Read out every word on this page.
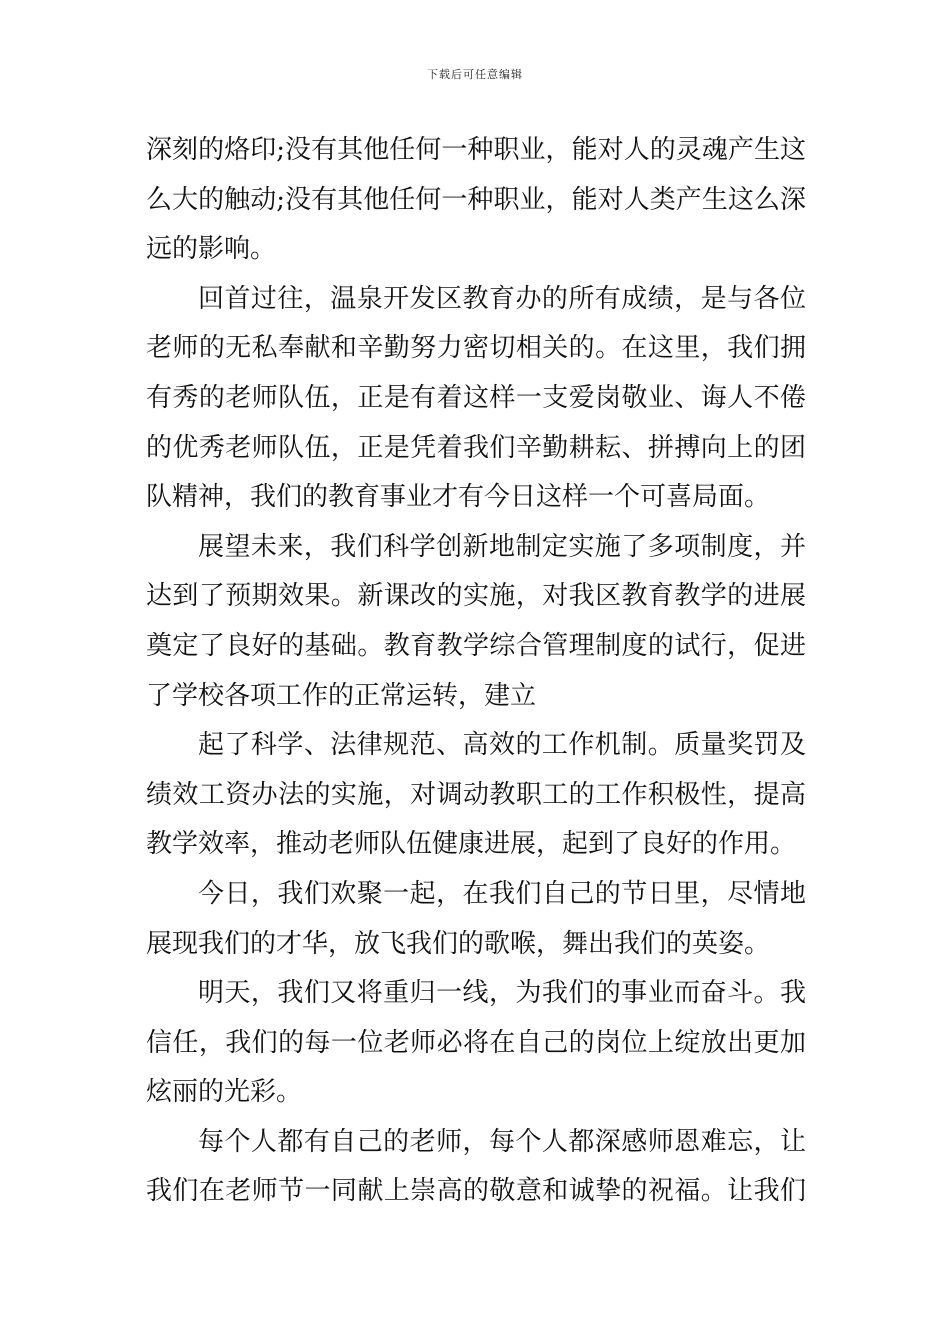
下载后可任意编辑
深刻的烙印;没有其他任何一种职业，能对人的灵魂产生这
么大的触动;没有其他任何一种职业，能对人类产生这么深
远的影响。
回首过往，温泉开发区教育办的所有成绩，是与各位
老师的无私奉献和辛勤努力密切相关的。在这里，我们拥
有秀的老师队伍，正是有着这样一支爱岗敬业、诲人不倦
的优秀老师队伍，正是凭着我们辛勤耕耘、拼搏向上的团
队精神，我们的教育事业才有今日这样一个可喜局面。
展望未来，我们科学创新地制定实施了多项制度，并
达到了预期效果。新课改的实施，对我区教育教学的进展
奠定了良好的基础。教育教学综合管理制度的试行，促进
了学校各项工作的正常运转，建立
起了科学、法律规范、高效的工作机制。质量奖罚及
绩效工资办法的实施，对调动教职工的工作积极性，提高
教学效率，推动老师队伍健康进展，起到了良好的作用。
今日，我们欢聚一起，在我们自己的节日里，尽情地
展现我们的才华，放飞我们的歌喉，舞出我们的英姿。
明天，我们又将重归一线，为我们的事业而奋斗。我
信任，我们的每一位老师必将在自己的岗位上绽放出更加
炫丽的光彩。
每个人都有自己的老师，每个人都深感师恩难忘，让
我们在老师节一同献上崇高的敬意和诚挚的祝福。让我们
